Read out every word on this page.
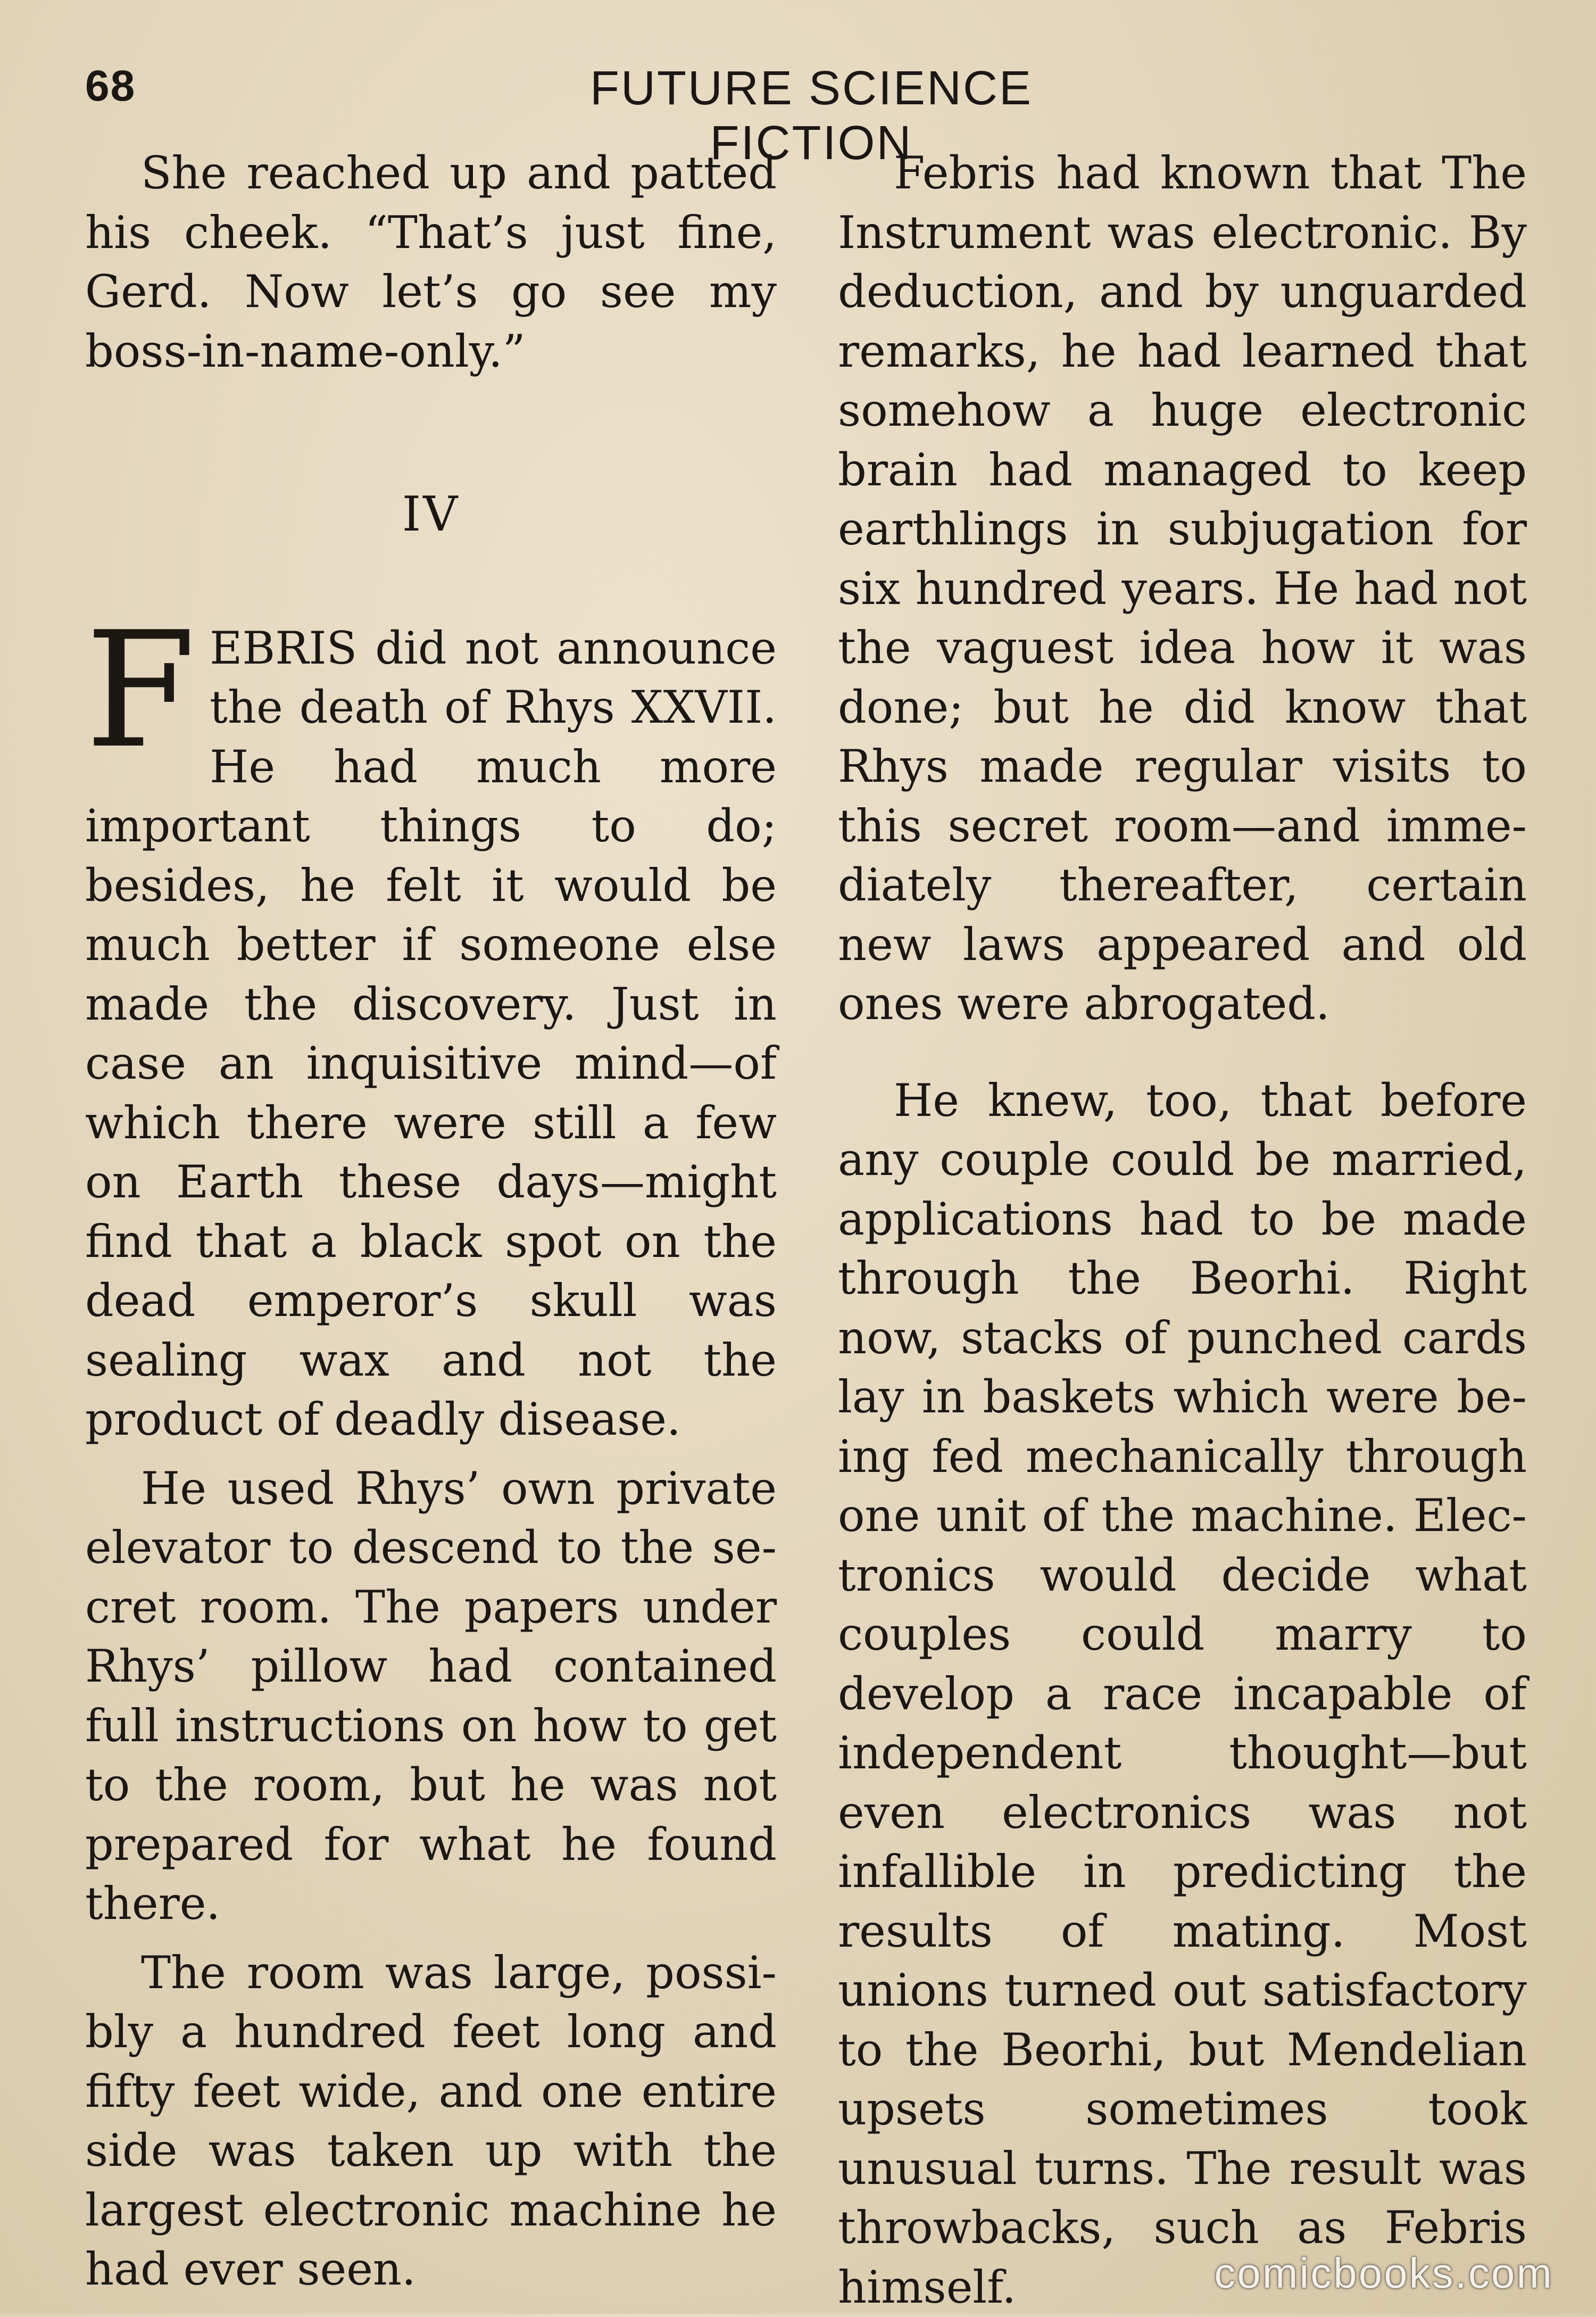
68	FUTURE SCIENCE FICTION

She reached up and patted his cheek. “That’s just fine, Gerd. Now let’s go see my boss-in-name-only.”

IV

FEBRIS did not announce the death of Rhys XXVII. He had much more important things to do; besides, he felt it would be much better if someone else made the discovery. Just in case an inquisitive mind—of which there were still a few on Earth these days—might find that a black spot on the dead emperor’s skull was sealing wax and not the product of deadly disease.

He used Rhys’ own private elevator to descend to the secret room. The papers under Rhys’ pillow had contained full instructions on how to get to the room, but he was not prepared for what he found there.

The room was large, possibly a hundred feet long and fifty feet wide, and one entire side was taken up with the largest electronic machine he had ever seen.

Febris had known that The Instrument was electronic. By deduction, and by unguarded remarks, he had learned that somehow a huge electronic brain had managed to keep earthlings in subjugation for six hundred years. He had not the vaguest idea how it was done; but he did know that Rhys made regular visits to this secret room—and immediately thereafter, certain new laws appeared and old ones were abrogated.

He knew, too, that before any couple could be married, applications had to be made through the Beorhi. Right now, stacks of punched cards lay in baskets which were being fed mechanically through one unit of the machine. Electronics would decide what couples could marry to develop a race incapable of independent thought—but even electronics was not infallible in predicting the results of mating. Most unions turned out satisfactory to the Beorhi, but Mendelian upsets sometimes took unusual turns. The result was throwbacks, such as Febris himself.	comicbooks.com
